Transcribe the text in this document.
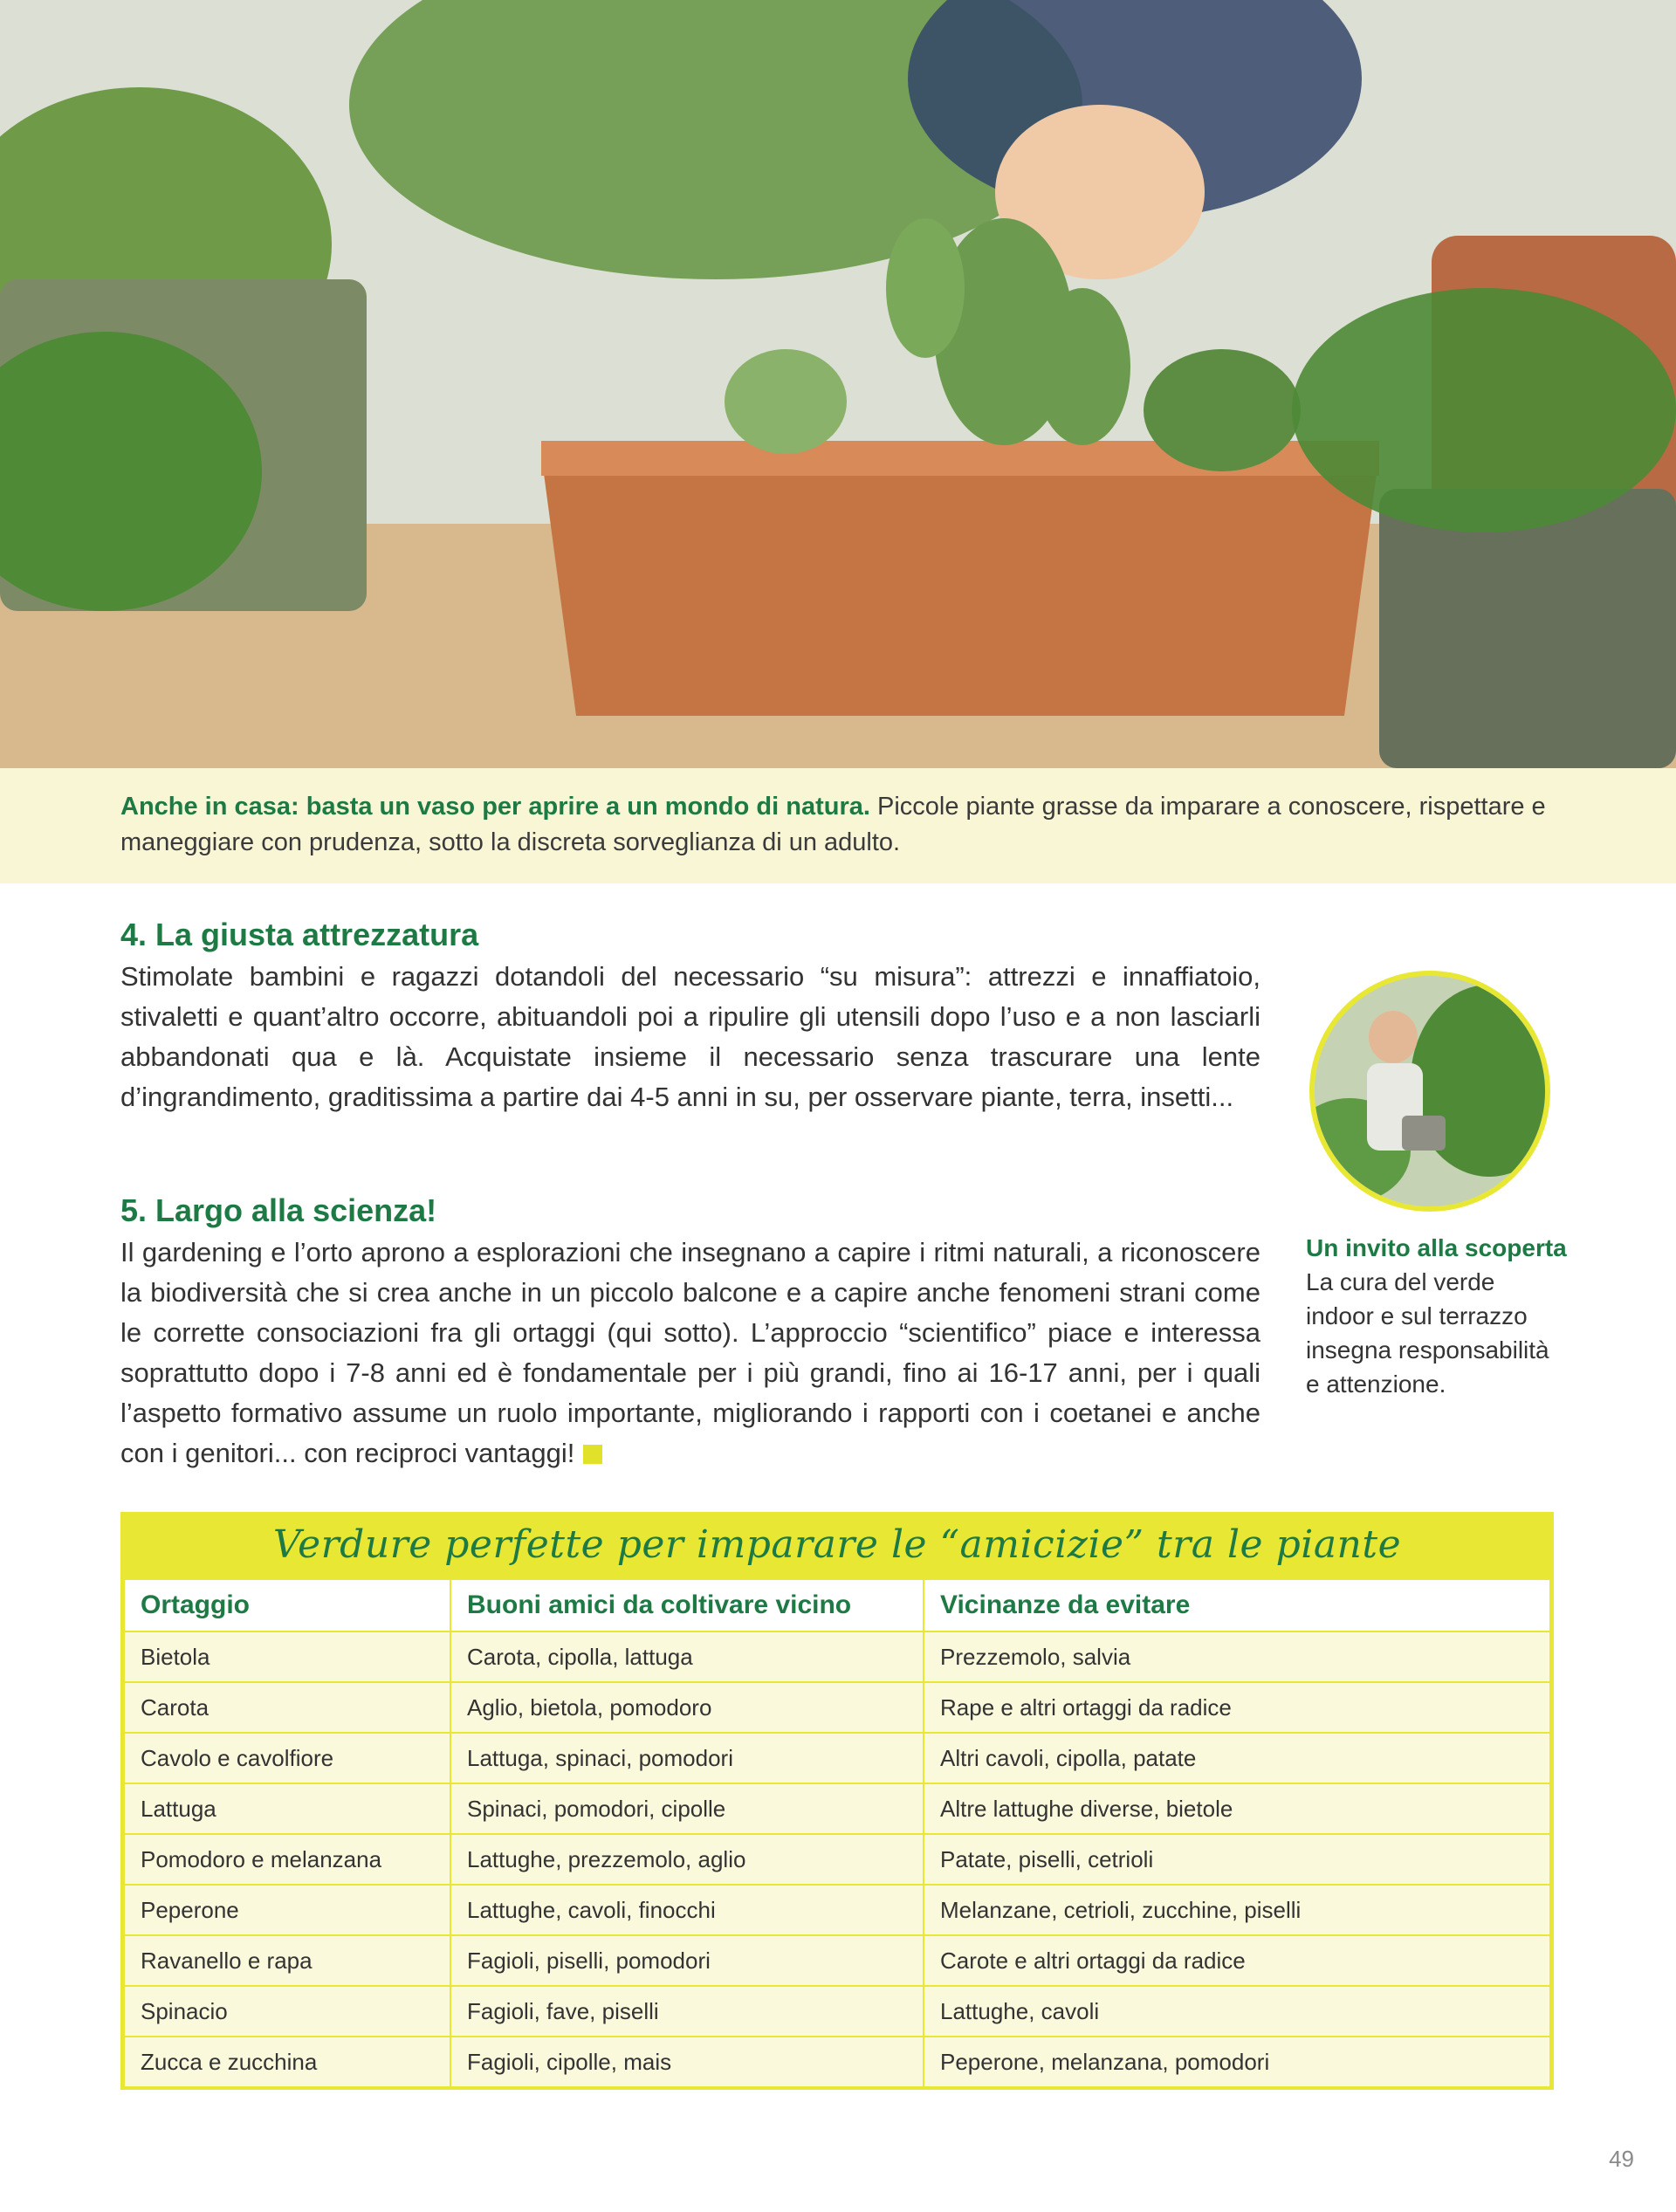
Anche in casa: basta un vaso per aprire a un mondo di natura. Piccole piante grasse da imparare a conoscere, rispettare e maneggiare con prudenza, sotto la discreta sorveglianza di un adulto.
4. La giusta attrezzatura

Stimolate bambini e ragazzi dotandoli del necessario “su misura”: attrezzi e innaffiatoio, stivaletti e quant’altro occorre, abituandoli poi a ripulire gli utensili dopo l’uso e a non lasciarli abbandonati qua e là. Acquistate insieme il necessario senza trascurare una lente d’ingrandimento, graditissima a partire dai 4-5 anni in su, per osservare piante, terra, insetti...

5. Largo alla scienza!

Il gardening e l’orto aprono a esplorazioni che insegnano a capire i ritmi naturali, a riconoscere la biodiversità che si crea anche in un piccolo balcone e a capire anche fenomeni strani come le corrette consociazioni fra gli ortaggi (qui sotto). L’approccio “scientifico” piace e interessa soprattutto dopo i 7-8 anni ed è fondamentale per i più grandi, fino ai 16-17 anni, per i quali l’aspetto formativo assume un ruolo importante, migliorando i rapporti con i coetanei e anche con i genitori... con reciproci vantaggi!

Un invito alla scoperta
La cura del verde indoor e sul terrazzo insegna responsabilità e attenzione.
Verdure perfette per imparare le “amicizie” tra le piante
Ortaggio	Buoni amici da coltivare vicino	Vicinanze da evitare
Bietola	Carota, cipolla, lattuga	Prezzemolo, salvia
Carota	Aglio, bietola, pomodoro	Rape e altri ortaggi da radice
Cavolo e cavolfiore	Lattuga, spinaci, pomodori	Altri cavoli, cipolla, patate
Lattuga	Spinaci, pomodori, cipolle	Altre lattughe diverse, bietole
Pomodoro e melanzana	Lattughe, prezzemolo, aglio	Patate, piselli, cetrioli
Peperone	Lattughe, cavoli, finocchi	Melanzane, cetrioli, zucchine, piselli
Ravanello e rapa	Fagioli, piselli, pomodori	Carote e altri ortaggi da radice
Spinacio	Fagioli, fave, piselli	Lattughe, cavoli
Zucca e zucchina	Fagioli, cipolle, mais	Peperone, melanzana, pomodori
49
